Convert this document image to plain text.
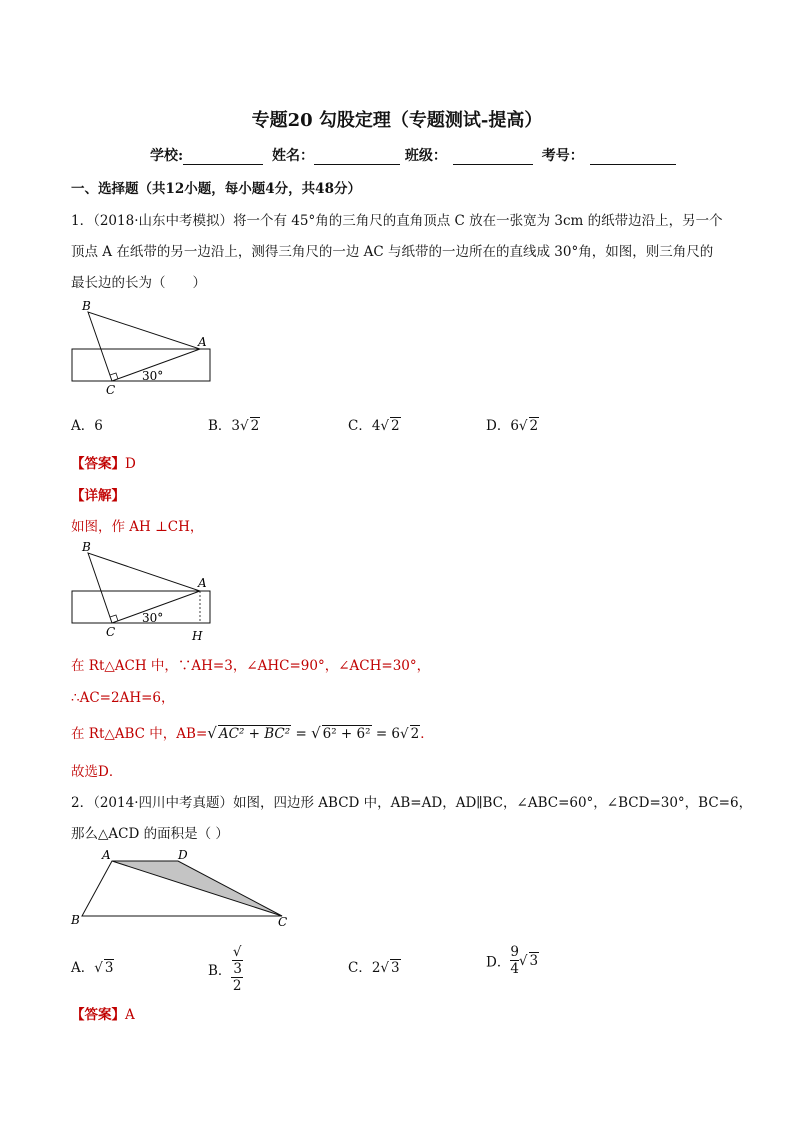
专题20 勾股定理（专题测试-提高）
学校:	姓名：	班级：	考号：
一、选择题（共12小题，每小题4分，共48分）
1．（2018·山东中考模拟）将一个有 45°角的三角尺的直角顶点 C 放在一张宽为 3cm 的纸带边沿上，另一个
顶点 A 在纸带的另一边沿上，测得三角尺的一边 AC 与纸带的一边所在的直线成 30°角，如图，则三角尺的
最长边的长为（　　）
B
A
C
30°
A．6	B．3√ 2	C．4√ 2	D．6√ 2
【答案】D
【详解】
如图，作 AH ⊥CH，
B
A
C	H
30°
在 Rt△ACH 中，∵AH=3，∠AHC=90°，∠ACH=30°，
∴AC=2AH=6，
在 Rt△ABC 中，AB=√ AC² + BC² = √ 6² + 6² = 6√ 2．
故选D．
2．（2014·四川中考真题）如图，四边形 ABCD 中，AB=AD，AD∥BC，∠ABC=60°，∠BCD=30°，BC=6，
那么△ACD 的面积是（ ）
A	D
B	C
A．√ 3	B． √
3
2	C．2√ 3	D． $\frac{9}{4}$ √ 3
【答案】A
